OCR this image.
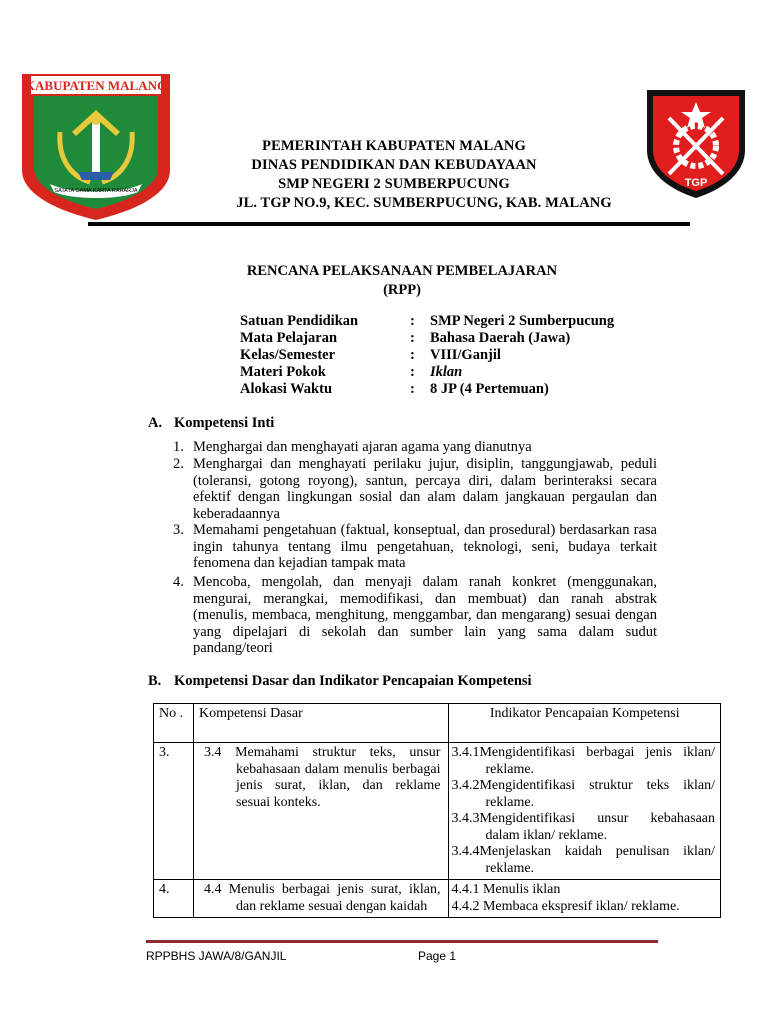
KABUPATEN MALANG
SATATA GAMA KARTA RAHARJA
TGP
PEMERINTAH KABUPATEN MALANG
DINAS PENDIDIKAN DAN KEBUDAYAAN
SMP NEGERI 2 SUMBERPUCUNG
JL. TGP NO.9, KEC. SUMBERPUCUNG, KAB. MALANG
RENCANA PELAKSANAAN PEMBELAJARAN
(RPP)
Satuan Pendidikan	: SMP Negeri 2 Sumberpucung
Mata Pelajaran	: Bahasa Daerah (Jawa)
Kelas/Semester	: VIII/Ganjil
Materi Pokok	: Iklan
Alokasi Waktu	: 8 JP (4 Pertemuan)
A. Kompetensi Inti
1. Menghargai dan menghayati ajaran agama yang dianutnya
2. Menghargai dan menghayati perilaku jujur, disiplin, tanggungjawab, peduli (toleransi, gotong royong), santun, percaya diri, dalam berinteraksi secara efektif dengan lingkungan sosial dan alam dalam jangkauan pergaulan dan keberadaannya
3. Memahami pengetahuan (faktual, konseptual, dan prosedural) berdasarkan rasa ingin tahunya tentang ilmu pengetahuan, teknologi, seni, budaya terkait fenomena dan kejadian tampak mata
4. Mencoba, mengolah, dan menyaji dalam ranah konkret (menggunakan, mengurai, merangkai, memodifikasi, dan membuat) dan ranah abstrak (menulis, membaca, menghitung, menggambar, dan mengarang) sesuai dengan yang dipelajari di sekolah dan sumber lain yang sama dalam sudut pandang/teori
B. Kompetensi Dasar dan Indikator Pencapaian Kompetensi
No .	Kompetensi Dasar	Indikator Pencapaian Kompetensi
3.	3.4 Memahami struktur teks, unsur kebahasaan dalam menulis berbagai jenis surat, iklan, dan reklame sesuai konteks.	3.4.1Mengidentifikasi berbagai jenis iklan/ reklame.
3.4.2Mengidentifikasi struktur teks iklan/ reklame.
3.4.3Mengidentifikasi unsur kebahasaan dalam iklan/ reklame.
3.4.4Menjelaskan kaidah penulisan iklan/ reklame.

4.	4.4 Menulis berbagai jenis surat, iklan, dan reklame sesuai dengan kaidah	4.4.1 Menulis iklan
4.4.2 Membaca ekspresif iklan/ reklame.
RPPBHS JAWA/8/GANJIL	Page 1
